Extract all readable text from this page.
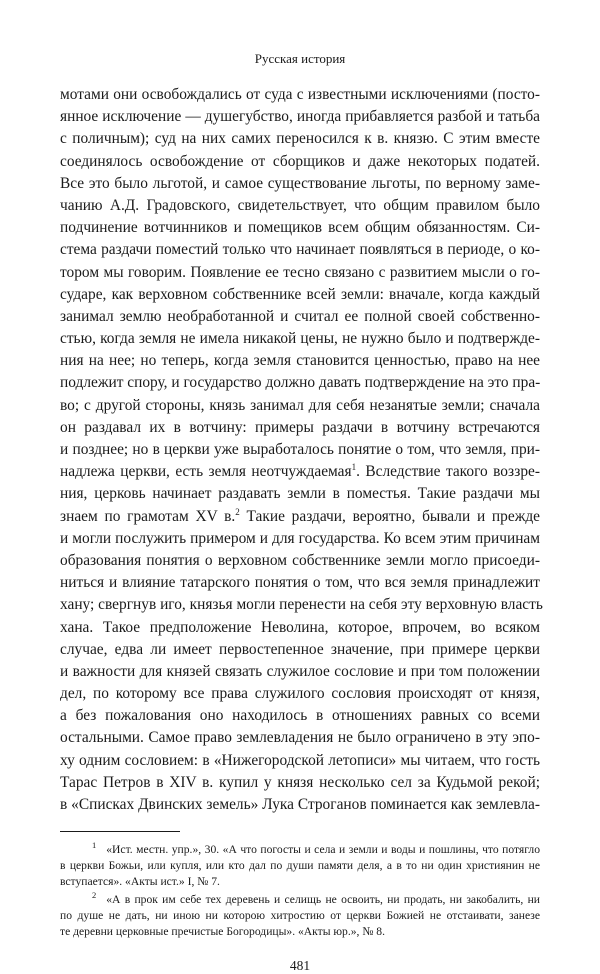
Русская история
мотами они освобождались от суда с известными исключениями (посто-
янное исключение — душегубство, иногда прибавляется разбой и татьба
с поличным); суд на них самих переносился к в. князю. С этим вместе
соединялось освобождение от сборщиков и даже некоторых податей.
Все это было льготой, и самое существование льготы, по верному заме-
чанию А.Д. Градовского, свидетельствует, что общим правилом было
подчинение вотчинников и помещиков всем общим обязанностям. Си-
стема раздачи поместий только что начинает появляться в периоде, о ко-
тором мы говорим. Появление ее тесно связано с развитием мысли о го-
сударе, как верховном собственнике всей земли: вначале, когда каждый
занимал землю необработанной и считал ее полной своей собственно-
стью, когда земля не имела никакой цены, не нужно было и подтвержде-
ния на нее; но теперь, когда земля становится ценностью, право на нее
подлежит спору, и государство должно давать подтверждение на это пра-
во; с другой стороны, князь занимал для себя незанятые земли; сначала
он раздавал их в вотчину: примеры раздачи в вотчину встречаются
и позднее; но в церкви уже выработалось понятие о том, что земля, при-
надлежа церкви, есть земля неотчуждаемая$^1$. Вследствие такого воззре-
ния, церковь начинает раздавать земли в поместья. Такие раздачи мы
знаем по грамотам XV в.$^2$ Такие раздачи, вероятно, бывали и прежде
и могли послужить примером и для государства. Ко всем этим причинам
образования понятия о верховном собственнике земли могло присоеди-
ниться и влияние татарского понятия о том, что вся земля принадлежит
хану; свергнув иго, князья могли перенести на себя эту верховную власть
хана. Такое предположение Неволина, которое, впрочем, во всяком
случае, едва ли имеет первостепенное значение, при примере церкви
и важности для князей связать служилое сословие и при том положении
дел, по которому все права служилого сословия происходят от князя,
а без пожалования оно находилось в отношениях равных со всеми
остальными. Самое право землевладения не было ограничено в эту эпо-
ху одним сословием: в «Нижегородской летописи» мы читаем, что гость
Тарас Петров в XIV в. купил у князя несколько сел за Кудьмой рекой;
в «Списках Двинских земель» Лука Строганов поминается как землевла-
$^1$ «Ист. местн. упр.», 30. «А что погосты и села и земли и воды и пошлины, что потягло
в церкви Божьи, или купля, или кто дал по души памяти деля, а в то ни один християнин не
вступается». «Акты ист.» I, № 7.
$^2$ «А в прок им себе тех деревень и селищь не освоить, ни продать, ни закобалить, ни
по душе не дать, ни иною ни которою хитростию от церкви Божией не отстаивати, занезе
те деревни церковные пречистые Богородицы». «Акты юр.», № 8.
481
